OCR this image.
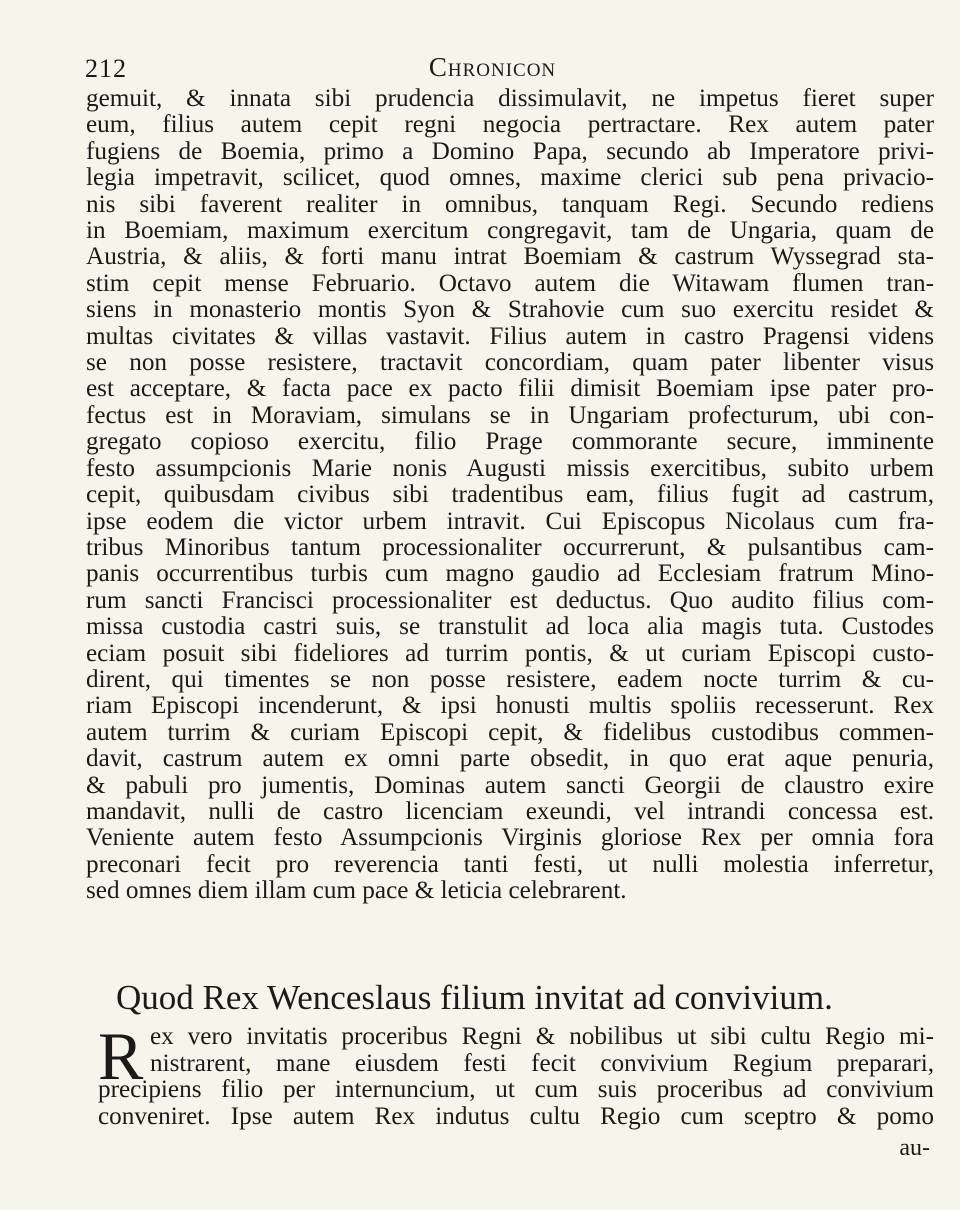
212	Chronicon
gemuit, & innata sibi prudencia dissimulavit, ne impetus fieret super
eum, filius autem cepit regni negocia pertractare. Rex autem pater
fugiens de Boemia, primo a Domino Papa, secundo ab Imperatore privi-
legia impetravit, scilicet, quod omnes, maxime clerici sub pena privacio-
nis sibi faverent realiter in omnibus, tanquam Regi. Secundo rediens
in Boemiam, maximum exercitum congregavit, tam de Ungaria, quam de
Austria, & aliis, & forti manu intrat Boemiam & castrum Wyssegrad sta-
stim cepit mense Februario. Octavo autem die Witawam flumen tran-
siens in monasterio montis Syon & Strahovie cum suo exercitu residet &
multas civitates & villas vastavit. Filius autem in castro Pragensi videns
se non posse resistere, tractavit concordiam, quam pater libenter visus
est acceptare, & facta pace ex pacto filii dimisit Boemiam ipse pater pro-
fectus est in Moraviam, simulans se in Ungariam profecturum, ubi con-
gregato copioso exercitu, filio Prage commorante secure, imminente
festo assumpcionis Marie nonis Augusti missis exercitibus, subito urbem
cepit, quibusdam civibus sibi tradentibus eam, filius fugit ad castrum,
ipse eodem die victor urbem intravit. Cui Episcopus Nicolaus cum fra-
tribus Minoribus tantum processionaliter occurrerunt, & pulsantibus cam-
panis occurrentibus turbis cum magno gaudio ad Ecclesiam fratrum Mino-
rum sancti Francisci processionaliter est deductus. Quo audito filius com-
missa custodia castri suis, se transtulit ad loca alia magis tuta. Custodes
eciam posuit sibi fideliores ad turrim pontis, & ut curiam Episcopi custo-
dirent, qui timentes se non posse resistere, eadem nocte turrim & cu-
riam Episcopi incenderunt, & ipsi honusti multis spoliis recesserunt. Rex
autem turrim & curiam Episcopi cepit, & fidelibus custodibus commen-
davit, castrum autem ex omni parte obsedit, in quo erat aque penuria,
& pabuli pro jumentis, Dominas autem sancti Georgii de claustro exire
mandavit, nulli de castro licenciam exeundi, vel intrandi concessa est.
Veniente autem festo Assumpcionis Virginis gloriose Rex per omnia fora
preconari fecit pro reverencia tanti festi, ut nulli molestia inferretur,
sed omnes diem illam cum pace & leticia celebrarent.
Quod Rex Wenceslaus filium invitat ad convivium.
R ex vero invitatis proceribus Regni & nobilibus ut sibi cultu Regio mi-
nistrarent, mane eiusdem festi fecit convivium Regium preparari,
precipiens filio per internuncium, ut cum suis proceribus ad convivium
conveniret. Ipse autem Rex indutus cultu Regio cum sceptro & pomo
au-
